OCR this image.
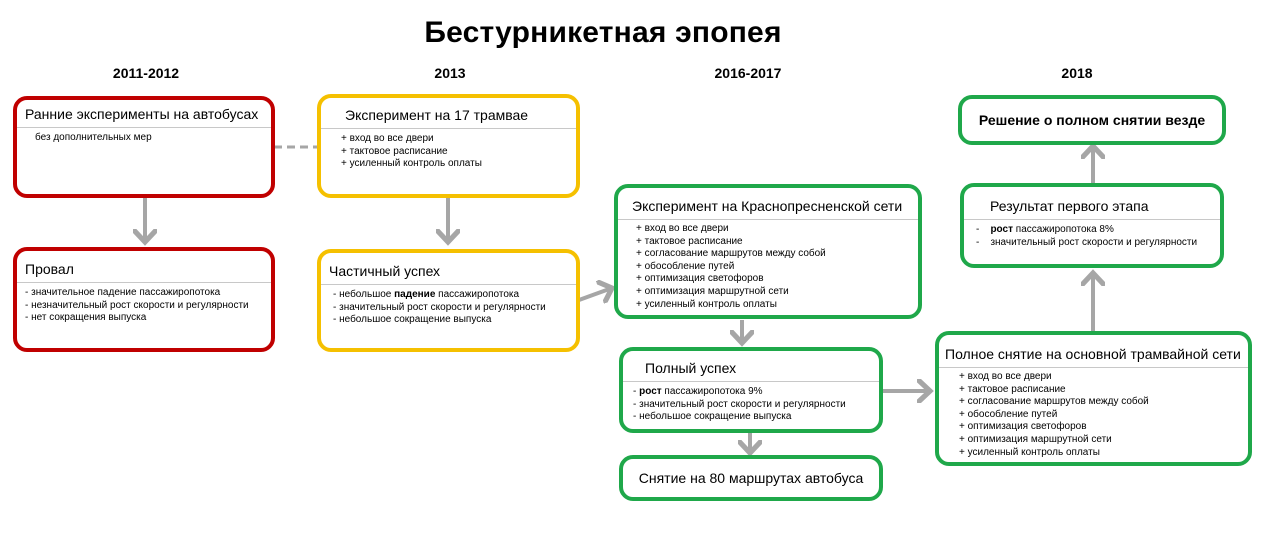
Бестурникетная эпопея
2011-2012	2013	2016-2017	2018
Ранние эксперименты на автобусах
без дополнительных мер
Провал
- значительное падение пассажиропотока
- незначительный рост скорости и регулярности
- нет сокращения выпуска
Эксперимент на 17 трамвае
+ вход во все двери
+ тактовое расписание
+ усиленный контроль оплаты
Частичный успех
- небольшое падение пассажиропотока
- значительный рост скорости и регулярности
- небольшое сокращение выпуска
Эксперимент на Краснопресненской сети
+ вход во все двери
+ тактовое расписание
+ согласование маршрутов между собой
+ обособление путей
+ оптимизация светофоров
+ оптимизация маршрутной сети
+ усиленный контроль оплаты
Полный успех
- рост пассажиропотока 9%
- значительный рост скорости и регулярности
- небольшое сокращение выпуска
Снятие на 80 маршрутах автобуса
Решение о полном снятии везде
Результат первого этапа
-    рост пассажиропотока 8%
-    значительный рост скорости и регулярности
Полное снятие на основной трамвайной сети
+ вход во все двери
+ тактовое расписание
+ согласование маршрутов между собой
+ обособление путей
+ оптимизация светофоров
+ оптимизация маршрутной сети
+ усиленный контроль оплаты
